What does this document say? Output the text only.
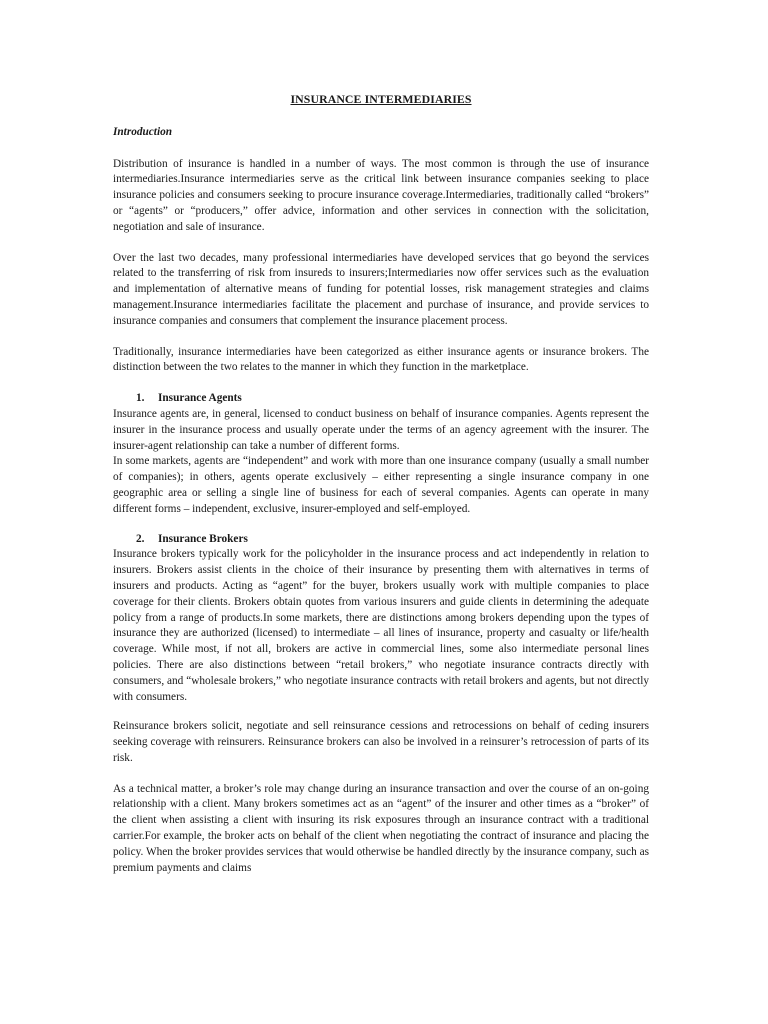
INSURANCE INTERMEDIARIES
Introduction

Distribution of insurance is handled in a number of ways. The most common is through the use of insurance intermediaries.Insurance intermediaries serve as the critical link between insurance companies seeking to place insurance policies and consumers seeking to procure insurance coverage.Intermediaries, traditionally called “brokers” or “agents” or “producers,” offer advice, information and other services in connection with the solicitation, negotiation and sale of insurance.

Over the last two decades, many professional intermediaries have developed services that go beyond the services related to the transferring of risk from insureds to insurers;Intermediaries now offer services such as the evaluation and implementation of alternative means of funding for potential losses, risk management strategies and claims management.Insurance intermediaries facilitate the placement and purchase of insurance, and provide services to insurance companies and consumers that complement the insurance placement process.

Traditionally, insurance intermediaries have been categorized as either insurance agents or insurance brokers. The distinction between the two relates to the manner in which they function in the marketplace.

1. Insurance Agents

Insurance agents are, in general, licensed to conduct business on behalf of insurance companies. Agents represent the insurer in the insurance process and usually operate under the terms of an agency agreement with the insurer. The insurer-agent relationship can take a number of different forms.

In some markets, agents are “independent” and work with more than one insurance company (usually a small number of companies); in others, agents operate exclusively – either representing a single insurance company in one geographic area or selling a single line of business for each of several companies. Agents can operate in many different forms – independent, exclusive, insurer-employed and self-employed.

2. Insurance Brokers

Insurance brokers typically work for the policyholder in the insurance process and act independently in relation to insurers. Brokers assist clients in the choice of their insurance by presenting them with alternatives in terms of insurers and products. Acting as “agent” for the buyer, brokers usually work with multiple companies to place coverage for their clients. Brokers obtain quotes from various insurers and guide clients in determining the adequate policy from a range of products.In some markets, there are distinctions among brokers depending upon the types of insurance they are authorized (licensed) to intermediate – all lines of insurance, property and casualty or life/health coverage. While most, if not all, brokers are active in commercial lines, some also intermediate personal lines policies. There are also distinctions between “retail brokers,” who negotiate insurance contracts directly with consumers, and “wholesale brokers,” who negotiate insurance contracts with retail brokers and agents, but not directly with consumers.

Reinsurance brokers solicit, negotiate and sell reinsurance cessions and retrocessions on behalf of ceding insurers seeking coverage with reinsurers. Reinsurance brokers can also be involved in a reinsurer’s retrocession of parts of its risk.

As a technical matter, a broker’s role may change during an insurance transaction and over the course of an on-going relationship with a client. Many brokers sometimes act as an “agent” of the insurer and other times as a “broker” of the client when assisting a client with insuring its risk exposures through an insurance contract with a traditional carrier.For example, the broker acts on behalf of the client when negotiating the contract of insurance and placing the policy. When the broker provides services that would otherwise be handled directly by the insurance company, such as premium payments and claims
